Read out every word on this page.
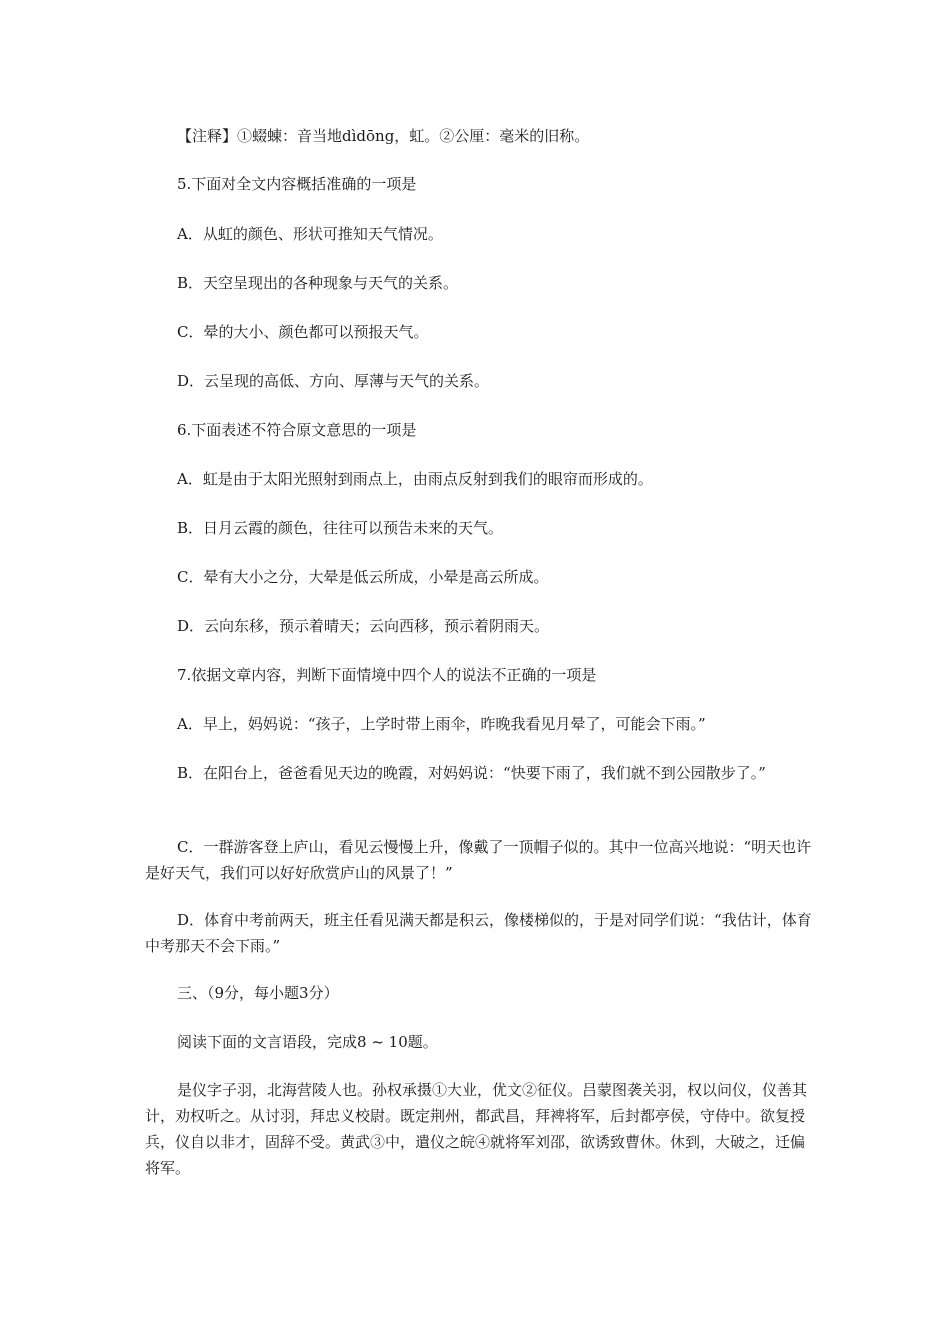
【注释】①蝃蝀：音当地dìdōng，虹。②公厘：毫米的旧称。
5.下面对全文内容概括准确的一项是
A．从虹的颜色、形状可推知天气情况。
B．天空呈现出的各种现象与天气的关系。
C．晕的大小、颜色都可以预报天气。
D．云呈现的高低、方向、厚薄与天气的关系。
6.下面表述不符合原文意思的一项是
A．虹是由于太阳光照射到雨点上，由雨点反射到我们的眼帘而形成的。
B．日月云霞的颜色，往往可以预告未来的天气。
C．晕有大小之分，大晕是低云所成，小晕是高云所成。
D．云向东移，预示着晴天；云向西移，预示着阴雨天。
7.依据文章内容，判断下面情境中四个人的说法不正确的一项是
A．早上，妈妈说：“孩子，上学时带上雨伞，昨晚我看见月晕了，可能会下雨。”
B．在阳台上，爸爸看见天边的晚霞，对妈妈说：“快要下雨了，我们就不到公园散步了。”
C．一群游客登上庐山，看见云慢慢上升，像戴了一顶帽子似的。其中一位高兴地说：“明天也许是好天气，我们可以好好欣赏庐山的风景了！”
D．体育中考前两天，班主任看见满天都是积云，像楼梯似的，于是对同学们说：“我估计，体育中考那天不会下雨。”
三、（9分，每小题3分）
阅读下面的文言语段，完成8 ~ 10题。
是仪字子羽，北海营陵人也。孙权承摄①大业，优文②征仪。吕蒙图袭关羽，权以问仪，仪善其计，劝权听之。从讨羽，拜忠义校尉。既定荆州，都武昌，拜裨将军，后封都亭侯，守侍中。欲复授兵，仪自以非才，固辞不受。黄武③中，遣仪之皖④就将军刘邵，欲诱致曹休。休到，大破之，迁偏将军。
